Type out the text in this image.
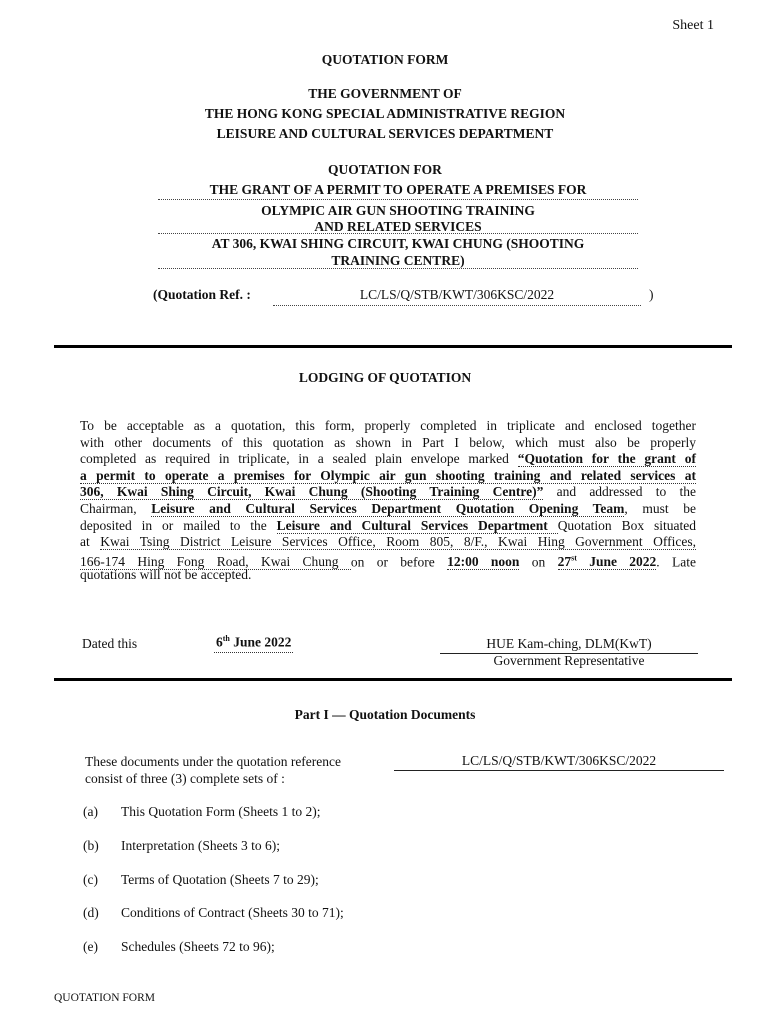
Sheet 1
QUOTATION FORM
THE GOVERNMENT OF
THE HONG KONG SPECIAL ADMINISTRATIVE REGION
LEISURE AND CULTURAL SERVICES DEPARTMENT
QUOTATION FOR
THE GRANT OF A PERMIT TO OPERATE A PREMISES FOR
OLYMPIC AIR GUN SHOOTING TRAINING
AND RELATED SERVICES
AT 306, KWAI SHING CIRCUIT, KWAI CHUNG (SHOOTING
TRAINING CENTRE)
(Quotation Ref. :	LC/LS/Q/STB/KWT/306KSC/2022	)
LODGING OF QUOTATION
To be acceptable as a quotation, this form, properly completed in triplicate and enclosed together
with other documents of this quotation as shown in Part I below, which must also be properly
completed as required in triplicate, in a sealed plain envelope marked “Quotation for the grant of
a permit to operate a premises for Olympic air gun shooting training and related services at
306, Kwai Shing Circuit, Kwai Chung (Shooting Training Centre)” and addressed to the
Chairman, Leisure and Cultural Services Department Quotation Opening Team, must be
deposited in or mailed to the Leisure and Cultural Services Department Quotation Box situated
at Kwai Tsing District Leisure Services Office, Room 805, 8/F., Kwai Hing Government Offices,
166-174 Hing Fong Road, Kwai Chung on or before 12:00 noon on 27st June 2022. Late
quotations will not be accepted.
Dated this	6th June 2022	HUE Kam-ching, DLM(KwT)
Government Representative
Part I — Quotation Documents
These documents under the quotation reference
consist of three (3) complete sets of :
LC/LS/Q/STB/KWT/306KSC/2022
(a) This Quotation Form (Sheets 1 to 2);
(b) Interpretation (Sheets 3 to 6);
(c) Terms of Quotation (Sheets 7 to 29);
(d) Conditions of Contract (Sheets 30 to 71);
(e) Schedules (Sheets 72 to 96);
QUOTATION FORM
